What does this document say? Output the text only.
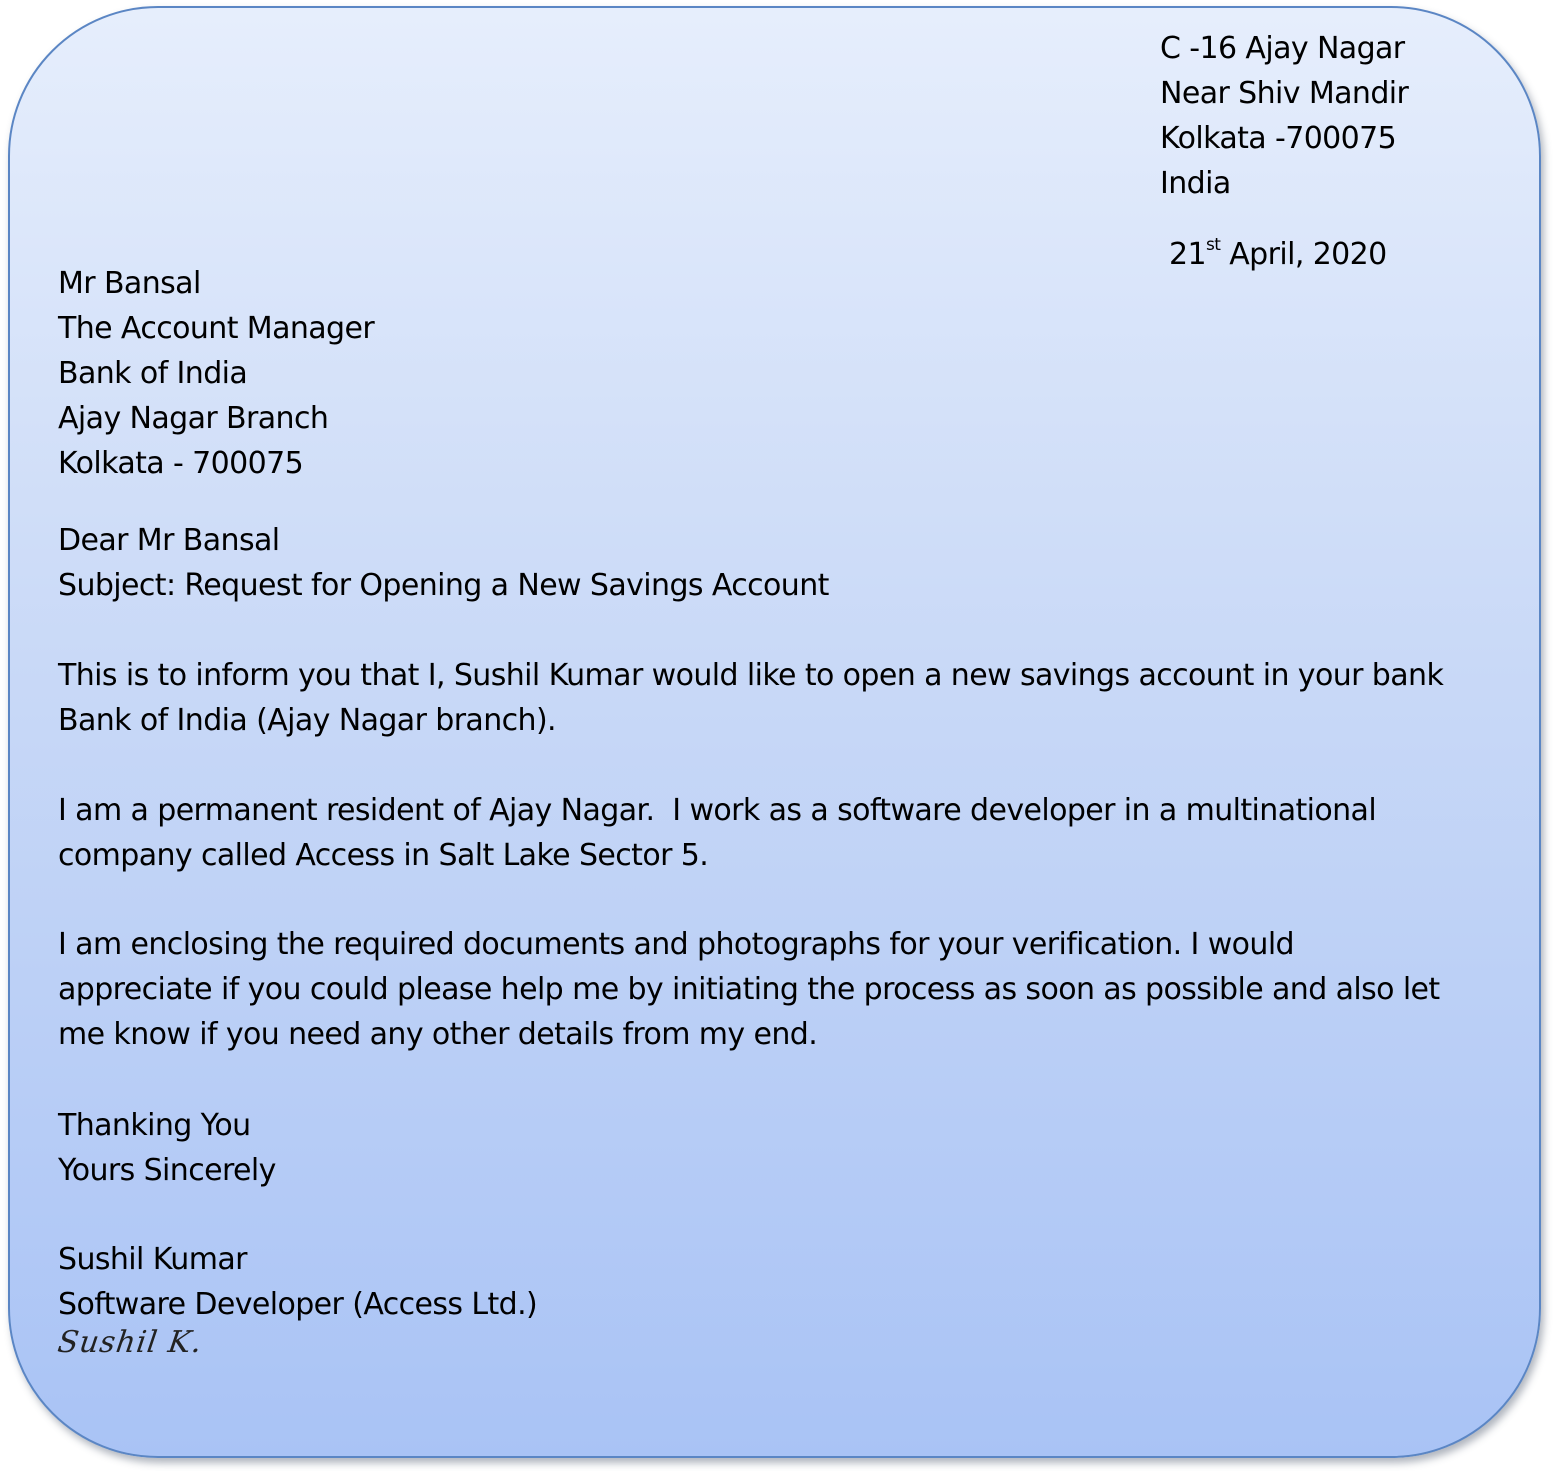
C -16 Ajay Nagar
Near Shiv Mandir
Kolkata -700075
India
21st April, 2020
Mr Bansal
The Account Manager
Bank of India
Ajay Nagar Branch
Kolkata - 700075
Dear Mr Bansal
Subject: Request for Opening a New Savings Account
This is to inform you that I, Sushil Kumar would like to open a new savings account in your bank
Bank of India (Ajay Nagar branch).
I am a permanent resident of Ajay Nagar.  I work as a software developer in a multinational
company called Access in Salt Lake Sector 5.
I am enclosing the required documents and photographs for your verification. I would
appreciate if you could please help me by initiating the process as soon as possible and also let
me know if you need any other details from my end.
Thanking You
Yours Sincerely
Sushil Kumar
Software Developer (Access Ltd.)
Sushil K.
